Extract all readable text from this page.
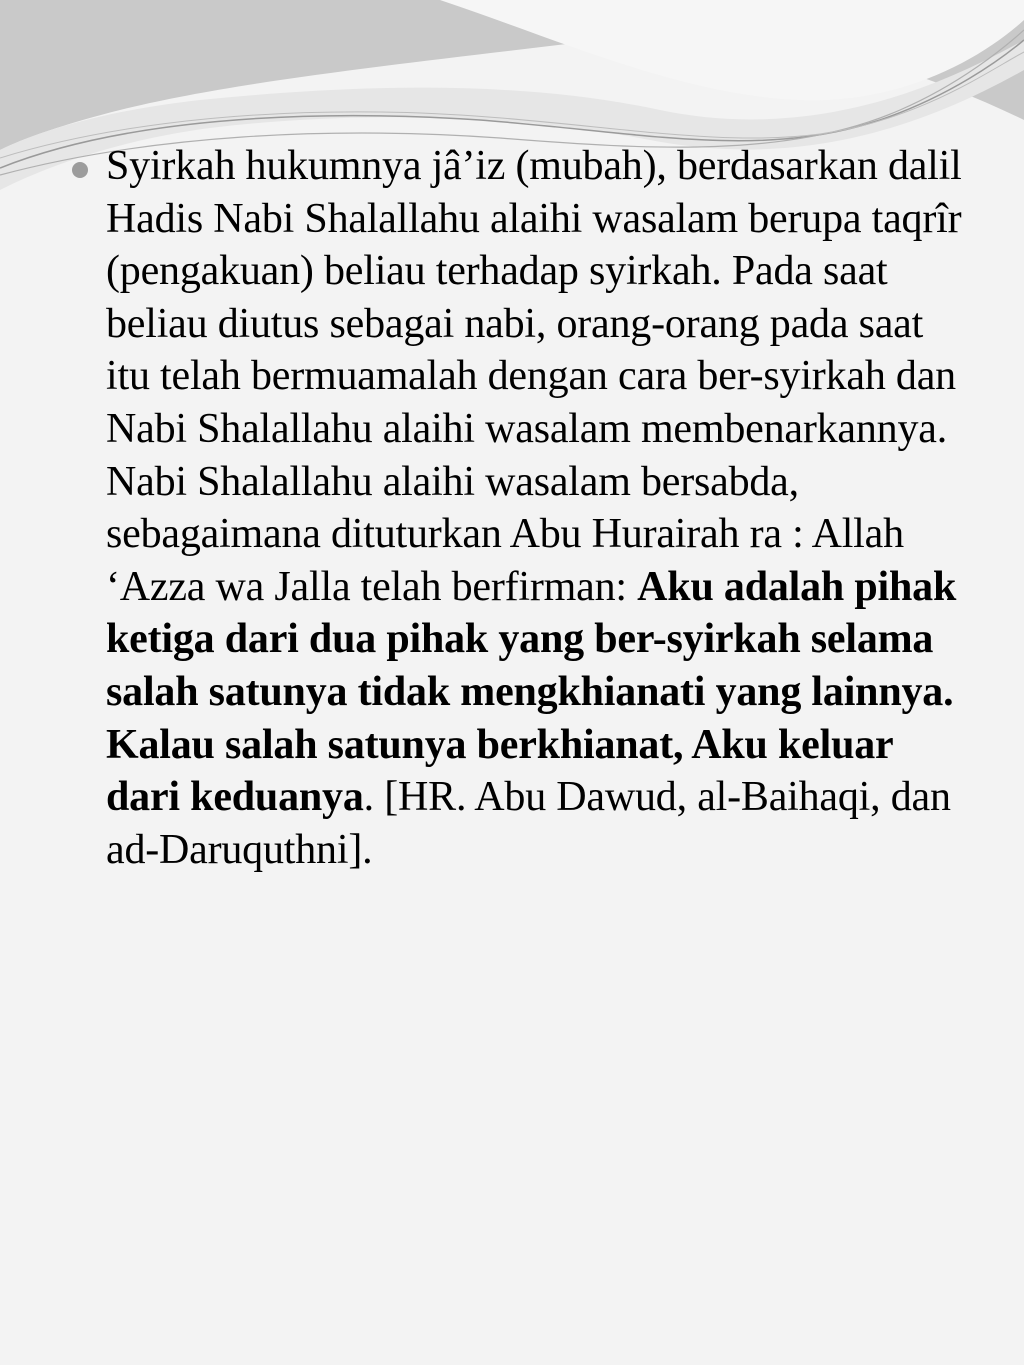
Syirkah hukumnya jâ’iz (mubah), berdasarkan dalil Hadis Nabi Shalallahu alaihi wasalam berupa taqrîr (pengakuan) beliau terhadap syirkah. Pada saat beliau diutus sebagai nabi, orang-orang pada saat itu telah bermuamalah dengan cara ber-syirkah dan Nabi Shalallahu alaihi wasalam membenarkannya. Nabi Shalallahu alaihi wasalam bersabda, sebagaimana dituturkan Abu Hurairah ra : Allah ‘Azza wa Jalla telah berfirman: Aku adalah pihak ketiga dari dua pihak yang ber-syirkah selama salah satunya tidak mengkhianati yang lainnya. Kalau salah satunya berkhianat, Aku keluar dari keduanya. [HR. Abu Dawud, al-Baihaqi, dan ad-Daruquthni].
